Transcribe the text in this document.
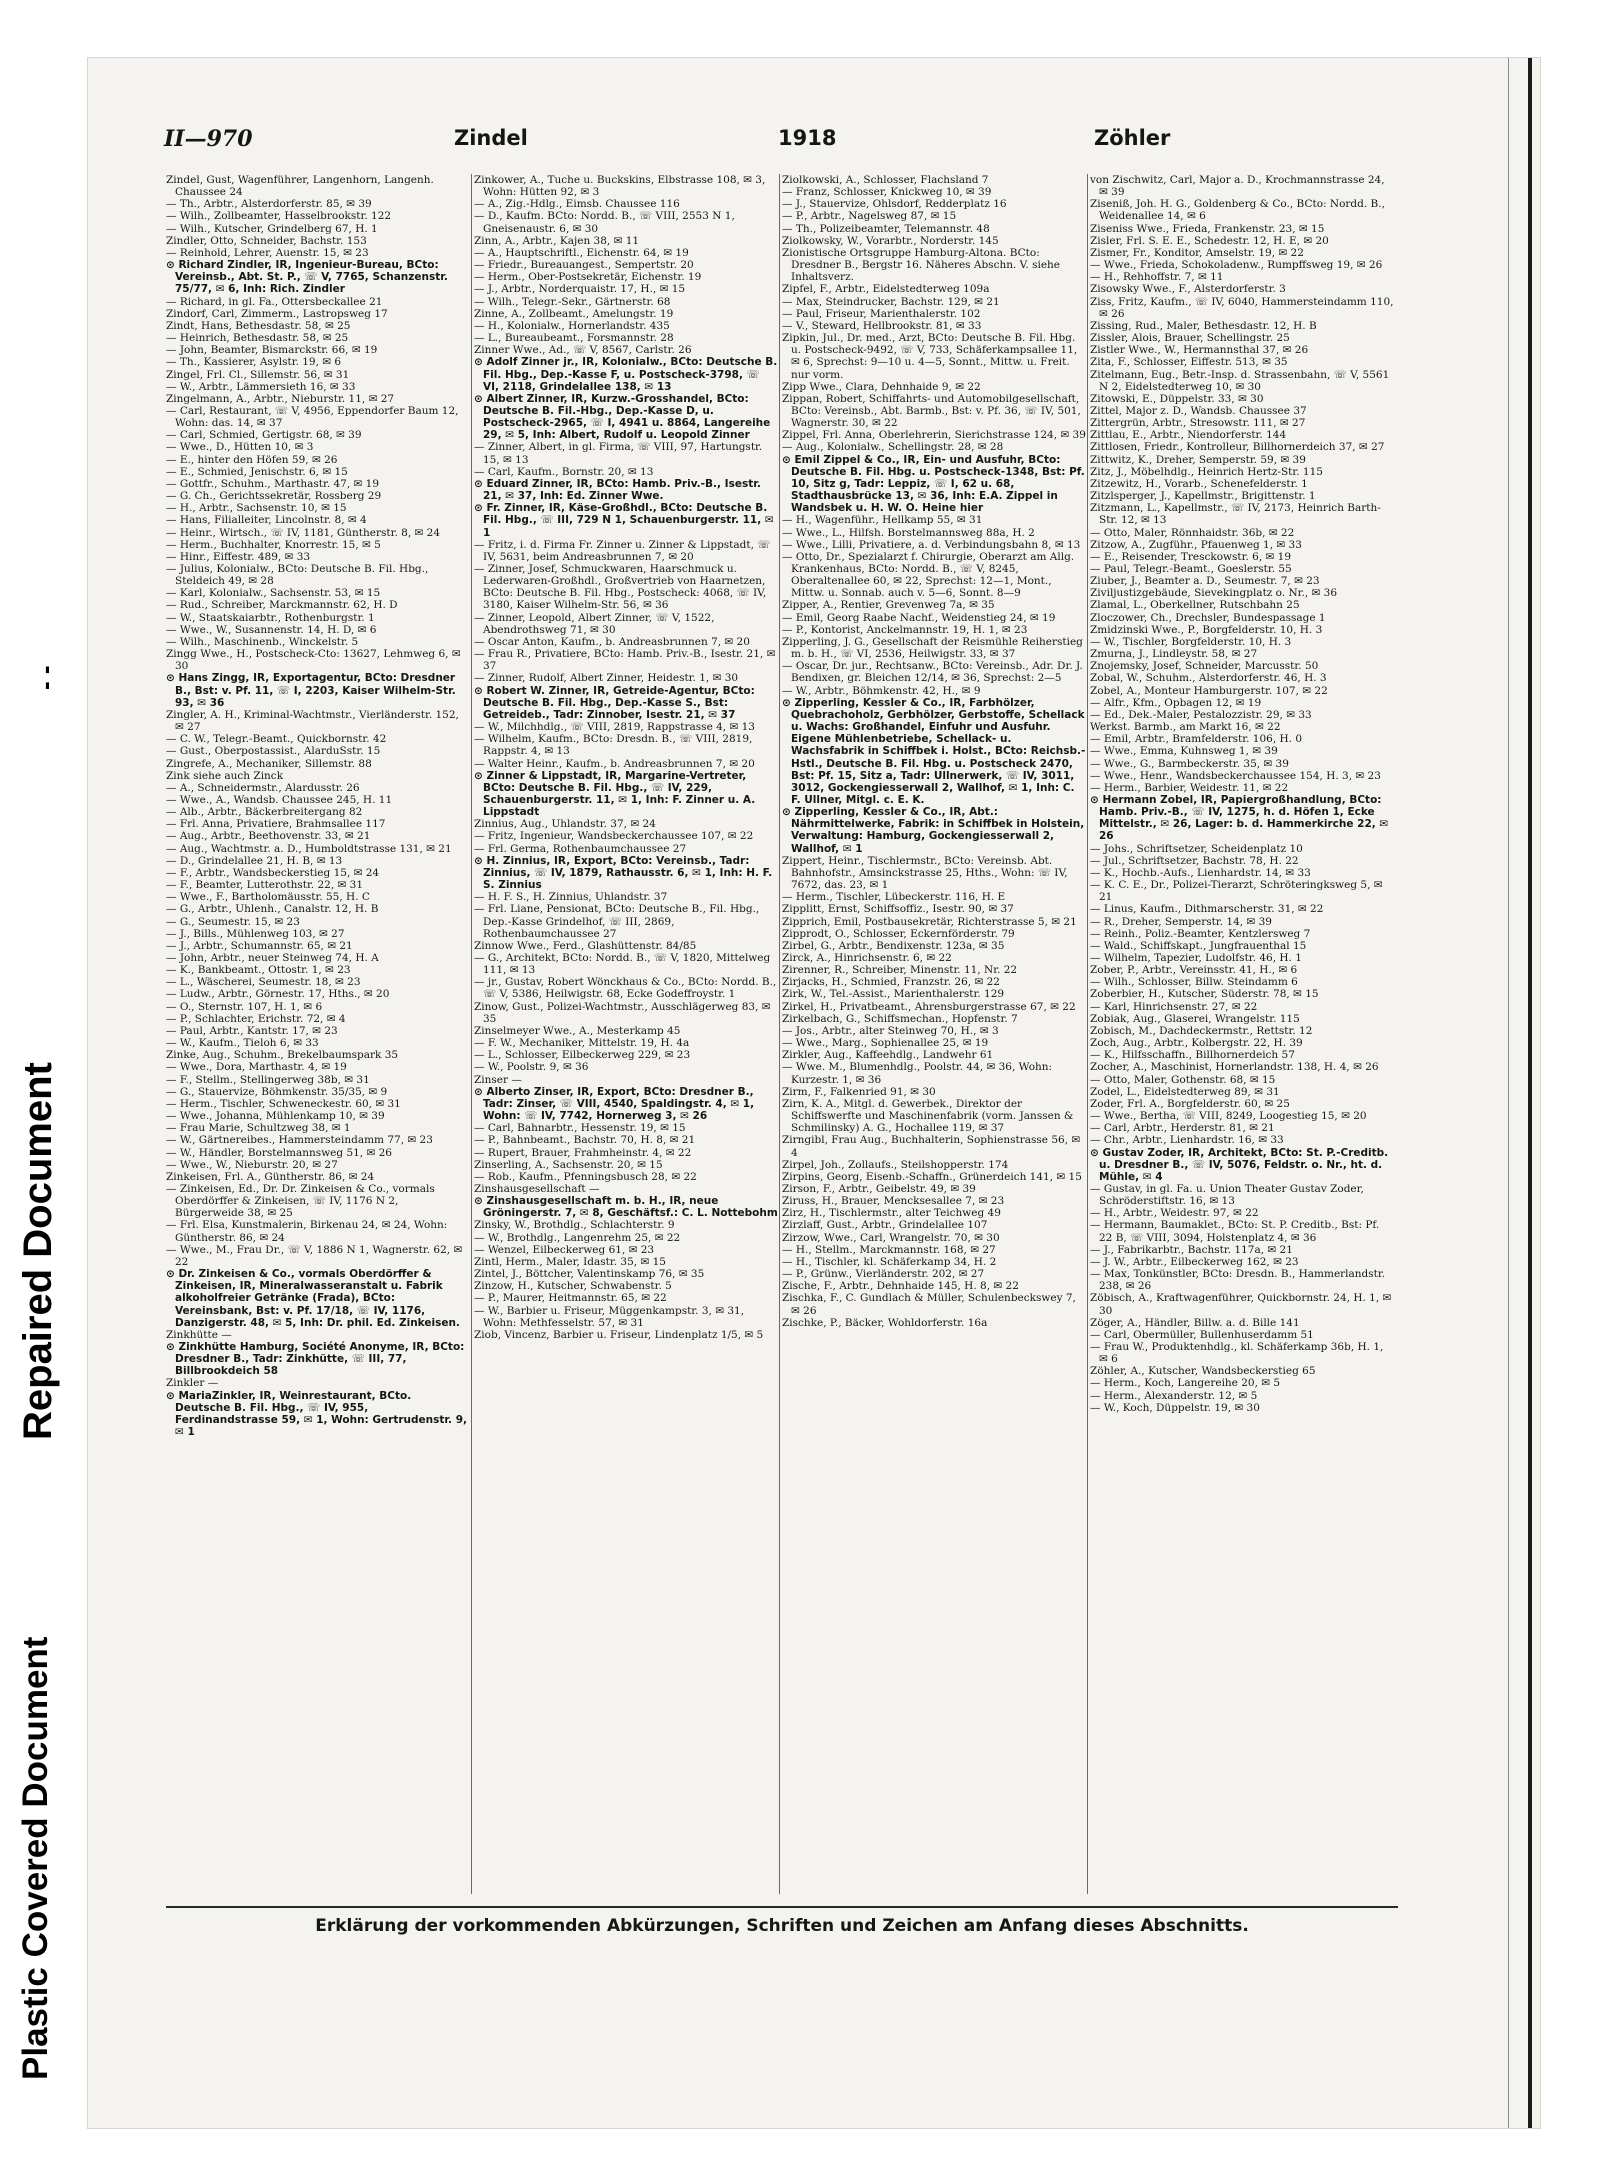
Plastic Covered Document
Repaired Document
- -
II—970	Zindel	1918	Zöhler
Zindel, Gust, Wagenführer, Langenhorn, Langenh. Chaussee 24
— Th., Arbtr., Alsterdorferstr. 85, ✉ 39
— Wilh., Zollbeamter, Hasselbrookstr. 122
— Wilh., Kutscher, Grindelberg 67, H. 1
Zindler, Otto, Schneider, Bachstr. 153
— Reinhold, Lehrer, Auenstr. 15, ✉ 23
⊙ Richard Zindler, IR, Ingenieur-Bureau, BCto: Vereinsb., Abt. St. P., ☏ V, 7765, Schanzenstr. 75/77, ✉ 6, Inh: Rich. Zindler
— Richard, in gl. Fa., Ottersbeckallee 21
Zindorf, Carl, Zimmerm., Lastropsweg 17
Zindt, Hans, Bethesdastr. 58, ✉ 25
— Heinrich, Bethesdastr. 58, ✉ 25
— John, Beamter, Bismarckstr. 66, ✉ 19
— Th., Kassierer, Asylstr. 19, ✉ 6
Zingel, Frl. Cl., Sillemstr. 56, ✉ 31
— W., Arbtr., Lämmersieth 16, ✉ 33
Zingelmann, A., Arbtr., Nieburstr. 11, ✉ 27
— Carl, Restaurant, ☏ V, 4956, Eppendorfer Baum 12, Wohn: das. 14, ✉ 37
— Carl, Schmied, Gertigstr. 68, ✉ 39
— Wwe., D., Hütten 10, ✉ 3
— E., hinter den Höfen 59, ✉ 26
— E., Schmied, Jenischstr. 6, ✉ 15
— Gottfr., Schuhm., Marthastr. 47, ✉ 19
— G. Ch., Gerichtssekretär, Rossberg 29
— H., Arbtr., Sachsenstr. 10, ✉ 15
— Hans, Filialleiter, Lincolnstr. 8, ✉ 4
— Heinr., Wirtsch., ☏ IV, 1181, Güntherstr. 8, ✉ 24
— Herm., Buchhalter, Knorrestr. 15, ✉ 5
— Hinr., Eiffestr. 489, ✉ 33
— Julius, Kolonialw., BCto: Deutsche B. Fil. Hbg., Steldeich 49, ✉ 28
— Karl, Kolonialw., Sachsenstr. 53, ✉ 15
— Rud., Schreiber, Marckmannstr. 62, H. D
— W., Staatskaiarbtr., Rothenburgstr. 1
— Wwe., W., Susannenstr. 14, H. D, ✉ 6
— Wilh., Maschinenb., Winckelstr. 5
Zingg Wwe., H., Postscheck-Cto: 13627, Lehmweg 6, ✉ 30
⊙ Hans Zingg, IR, Exportagentur, BCto: Dresdner B., Bst: v. Pf. 11, ☏ I, 2203, Kaiser Wilhelm-Str. 93, ✉ 36
Zingler, A. H., Kriminal-Wachtmstr., Vierländerstr. 152, ✉ 27
— C. W., Telegr.-Beamt., Quickbornstr. 42
— Gust., Oberpostassist., AlarduSstr. 15
Zingrefe, A., Mechaniker, Sillemstr. 88
Zink siehe auch Zinck
— A., Schneidermstr., Alardusstr. 26
— Wwe., A., Wandsb. Chaussee 245, H. 11
— Alb., Arbtr., Bäckerbreitergang 82
— Frl. Anna, Privatiere, Brahmsallee 117
— Aug., Arbtr., Beethovenstr. 33, ✉ 21
— Aug., Wachtmstr. a. D., Humboldtstrasse 131, ✉ 21
— D., Grindelallee 21, H. B, ✉ 13
— F., Arbtr., Wandsbeckerstieg 15, ✉ 24
— F., Beamter, Lutterothstr. 22, ✉ 31
— Wwe., F., Bartholomäusstr. 55, H. C
— G., Arbtr., Uhlenh., Canalstr. 12, H. B
— G., Seumestr. 15, ✉ 23
— J., Bills., Mühlenweg 103, ✉ 27
— J., Arbtr., Schumannstr. 65, ✉ 21
— John, Arbtr., neuer Steinweg 74, H. A
— K., Bankbeamt., Ottostr. 1, ✉ 23
— L., Wäscherei, Seumestr. 18, ✉ 23
— Ludw., Arbtr., Görnestr. 17, Hths., ✉ 20
— O., Sternstr. 107, H. 1, ✉ 6
— P., Schlachter, Erichstr. 72, ✉ 4
— Paul, Arbtr., Kantstr. 17, ✉ 23
— W., Kaufm., Tieloh 6, ✉ 33
Zinke, Aug., Schuhm., Brekelbaumspark 35
— Wwe., Dora, Marthastr. 4, ✉ 19
— F., Stellm., Stellingerweg 38b, ✉ 31
— G., Stauervize, Böhmkenstr. 35/35, ✉ 9
— Herm., Tischler, Schweneckestr. 60, ✉ 31
— Wwe., Johanna, Mühlenkamp 10, ✉ 39
— Frau Marie, Schultzweg 38, ✉ 1
— W., Gärtnereibes., Hammersteindamm 77, ✉ 23
— W., Händler, Borstelmannsweg 51, ✉ 26
— Wwe., W., Nieburstr. 20, ✉ 27
Zinkeisen, Frl. A., Güntherstr. 86, ✉ 24
— Zinkeisen, Ed., Dr. Dr. Zinkeisen & Co., vormals Oberdörffer & Zinkeisen, ☏ IV, 1176 N 2, Bürgerweide 38, ✉ 25
— Frl. Elsa, Kunstmalerin, Birkenau 24, ✉ 24, Wohn: Güntherstr. 86, ✉ 24
— Wwe., M., Frau Dr., ☏ V, 1886 N 1, Wagnerstr. 62, ✉ 22
⊙ Dr. Zinkeisen & Co., vormals Oberdörffer & Zinkeisen, IR, Mineralwasseranstalt u. Fabrik alkoholfreier Getränke (Frada), BCto: Vereinsbank, Bst: v. Pf. 17/18, ☏ IV, 1176, Danzigerstr. 48, ✉ 5, Inh: Dr. phil. Ed. Zinkeisen.
Zinkhütte —
⊙ Zinkhütte Hamburg, Société Anonyme, IR, BCto: Dresdner B., Tadr: Zinkhütte, ☏ III, 77, Billbrookdeich 58
Zinkler —
⊙ MariaZinkler, IR, Weinrestaurant, BCto. Deutsche B. Fil. Hbg., ☏ IV, 955, Ferdinandstrasse 59, ✉ 1, Wohn: Gertrudenstr. 9, ✉ 1
Zinkower, A., Tuche u. Buckskins, Elbstrasse 108, ✉ 3, Wohn: Hütten 92, ✉ 3
— A., Zig.-Hdlg., Eimsb. Chaussee 116
— D., Kaufm. BCto: Nordd. B., ☏ VIII, 2553 N 1, Gneisenaustr. 6, ✉ 30
Zinn, A., Arbtr., Kajen 38, ✉ 11
— A., Hauptschriftl., Eichenstr. 64, ✉ 19
— Friedr., Bureauangest., Sempertstr. 20
— Herm., Ober-Postsekretär, Eichenstr. 19
— J., Arbtr., Norderquaistr. 17, H., ✉ 15
— Wilh., Telegr.-Sekr., Gärtnerstr. 68
Zinne, A., Zollbeamt., Amelungstr. 19
— H., Kolonialw., Hornerlandstr. 435
— L., Bureaubeamt., Forsmannstr. 28
Zinner Wwe., Ad., ☏ V, 8567, Carlstr. 26
⊙ Adolf Zinner jr., IR, Kolonialw., BCto: Deutsche B. Fil. Hbg., Dep.-Kasse F, u. Postscheck-3798, ☏ VI, 2118, Grindelallee 138, ✉ 13
⊙ Albert Zinner, IR, Kurzw.-Grosshandel, BCto: Deutsche B. Fil.-Hbg., Dep.-Kasse D, u. Postscheck-2965, ☏ I, 4941 u. 8864, Langereihe 29, ✉ 5, Inh: Albert, Rudolf u. Leopold Zinner
— Zinner, Albert, in gl. Firma, ☏ VIII, 97, Hartungstr. 15, ✉ 13
— Carl, Kaufm., Bornstr. 20, ✉ 13
⊙ Eduard Zinner, IR, BCto: Hamb. Priv.-B., Isestr. 21, ✉ 37, Inh: Ed. Zinner Wwe.
⊙ Fr. Zinner, IR, Käse-Großhdl., BCto: Deutsche B. Fil. Hbg., ☏ III, 729 N 1, Schauenburgerstr. 11, ✉ 1
— Fritz, i. d. Firma Fr. Zinner u. Zinner & Lippstadt, ☏ IV, 5631, beim Andreasbrunnen 7, ✉ 20
— Zinner, Josef, Schmuckwaren, Haarschmuck u. Lederwaren-Großhdl., Großvertrieb von Haarnetzen, BCto: Deutsche B. Fil. Hbg., Postscheck: 4068, ☏ IV, 3180, Kaiser Wilhelm-Str. 56, ✉ 36
— Zinner, Leopold, Albert Zinner, ☏ V, 1522, Abendrothsweg 71, ✉ 30
— Oscar Anton, Kaufm., b. Andreasbrunnen 7, ✉ 20
— Frau R., Privatiere, BCto: Hamb. Priv.-B., Isestr. 21, ✉ 37
— Zinner, Rudolf, Albert Zinner, Heidestr. 1, ✉ 30
⊙ Robert W. Zinner, IR, Getreide-Agentur, BCto: Deutsche B. Fil. Hbg., Dep.-Kasse S., Bst: Getreideb., Tadr: Zinnober, Isestr. 21, ✉ 37
— W., Milchhdlg., ☏ VIII, 2819, Rappstrasse 4, ✉ 13
— Wilhelm, Kaufm., BCto: Dresdn. B., ☏ VIII, 2819, Rappstr. 4, ✉ 13
— Walter Heinr., Kaufm., b. Andreasbrunnen 7, ✉ 20
⊙ Zinner & Lippstadt, IR, Margarine-Vertreter, BCto: Deutsche B. Fil. Hbg., ☏ IV, 229, Schauenburgerstr. 11, ✉ 1, Inh: F. Zinner u. A. Lippstadt
Zinnius, Aug., Uhlandstr. 37, ✉ 24
— Fritz, Ingenieur, Wandsbeckerchaussee 107, ✉ 22
— Frl. Germa, Rothenbaumchaussee 27
⊙ H. Zinnius, IR, Export, BCto: Vereinsb., Tadr: Zinnius, ☏ IV, 1879, Rathausstr. 6, ✉ 1, Inh: H. F. S. Zinnius
— H. F. S., H. Zinnius, Uhlandstr. 37
— Frl. Liane, Pensionat, BCto: Deutsche B., Fil. Hbg., Dep.-Kasse Grindelhof, ☏ III, 2869, Rothenbaumchaussee 27
Zinnow Wwe., Ferd., Glashüttenstr. 84/85
— G., Architekt, BCto: Nordd. B., ☏ V, 1820, Mittelweg 111, ✉ 13
— jr., Gustav, Robert Wönckhaus & Co., BCto: Nordd. B., ☏ V, 5386, Heilwigstr. 68, Ecke Godeffroystr. 1
Zinow, Gust., Polizei-Wachtmstr., Ausschlägerweg 83, ✉ 35
Zinselmeyer Wwe., A., Mesterkamp 45
— F. W., Mechaniker, Mittelstr. 19, H. 4a
— L., Schlosser, Eilbeckerweg 229, ✉ 23
— W., Poolstr. 9, ✉ 36
Zinser —
⊙ Alberto Zinser, IR, Export, BCto: Dresdner B., Tadr: Zinser, ☏ VIII, 4540, Spaldingstr. 4, ✉ 1, Wohn: ☏ IV, 7742, Hornerweg 3, ✉ 26
— Carl, Bahnarbtr., Hessenstr. 19, ✉ 15
— P., Bahnbeamt., Bachstr. 70, H. 8, ✉ 21
— Rupert, Brauer, Frahmheinstr. 4, ✉ 22
Zinserling, A., Sachsenstr. 20, ✉ 15
— Rob., Kaufm., Pfenningsbusch 28, ✉ 22
Zinshausgesellschaft —
⊙ Zinshausgesellschaft m. b. H., IR, neue Gröningerstr. 7, ✉ 8, Geschäftsf.: C. L. Nottebohm
Zinsky, W., Brothdlg., Schlachterstr. 9
— W., Brothdlg., Langenrehm 25, ✉ 22
— Wenzel, Eilbeckerweg 61, ✉ 23
Zintl, Herm., Maler, Idastr. 35, ✉ 15
Zintel, J., Böttcher, Valentinskamp 76, ✉ 35
Zinzow, H., Kutscher, Schwabenstr. 5
— P., Maurer, Heitmannstr. 65, ✉ 22
— W., Barbier u. Friseur, Müggenkampstr. 3, ✉ 31, Wohn: Methfesselstr. 57, ✉ 31
Ziob, Vincenz, Barbier u. Friseur, Lindenplatz 1/5, ✉ 5
Ziolkowski, A., Schlosser, Flachsland 7
— Franz, Schlosser, Knickweg 10, ✉ 39
— J., Stauervize, Ohlsdorf, Redderplatz 16
— P., Arbtr., Nagelsweg 87, ✉ 15
— Th., Polizeibeamter, Telemannstr. 48
Ziolkowsky, W., Vorarbtr., Norderstr. 145
Zionistische Ortsgruppe Hamburg-Altona. BCto: Dresdner B., Bergstr 16. Näheres Abschn. V. siehe Inhaltsverz.
Zipfel, F., Arbtr., Eidelstedterweg 109a
— Max, Steindrucker, Bachstr. 129, ✉ 21
— Paul, Friseur, Marienthalerstr. 102
— V., Steward, Hellbrookstr. 81, ✉ 33
Zipkin, Jul., Dr. med., Arzt, BCto: Deutsche B. Fil. Hbg. u. Postscheck-9492, ☏ V, 733, Schäferkampsallee 11, ✉ 6, Sprechst: 9—10 u. 4—5, Sonnt., Mittw. u. Freit. nur vorm.
Zipp Wwe., Clara, Dehnhaide 9, ✉ 22
Zippan, Robert, Schiffahrts- und Automobilgesellschaft, BCto: Vereinsb., Abt. Barmb., Bst: v. Pf. 36, ☏ IV, 501, Wagnerstr. 30, ✉ 22
Zippel, Frl. Anna, Oberlehrerin, Sierichstrasse 124, ✉ 39
— Aug., Kolonialw., Schellingstr. 28, ✉ 28
⊙ Emil Zippel & Co., IR, Ein- und Ausfuhr, BCto: Deutsche B. Fil. Hbg. u. Postscheck-1348, Bst: Pf. 10, Sitz g, Tadr: Leppiz, ☏ I, 62 u. 68, Stadthausbrücke 13, ✉ 36, Inh: E.A. Zippel in Wandsbek u. H. W. O. Heine hier
— H., Wagenführ., Hellkamp 55, ✉ 31
— Wwe., L., Hilfsh. Borstelmannsweg 88a, H. 2
— Wwe., Lilli, Privatiere, a. d. Verbindungsbahn 8, ✉ 13
— Otto, Dr., Spezialarzt f. Chirurgie, Oberarzt am Allg. Krankenhaus, BCto: Nordd. B., ☏ V, 8245, Oberaltenallee 60, ✉ 22, Sprechst: 12—1, Mont., Mittw. u. Sonnab. auch v. 5—6, Sonnt. 8—9
Zipper, A., Rentier, Grevenweg 7a, ✉ 35
— Emil, Georg Raabe Nachf., Weidenstieg 24, ✉ 19
— P., Kontorist, Anckelmannstr. 19, H. 1, ✉ 23
Zipperling, J. G., Gesellschaft der Reismühle Reiherstieg m. b. H., ☏ VI, 2536, Heilwigstr. 33, ✉ 37
— Oscar, Dr. jur., Rechtsanw., BCto: Vereinsb., Adr. Dr. J. Bendixen, gr. Bleichen 12/14, ✉ 36, Sprechst: 2—5
— W., Arbtr., Böhmkenstr. 42, H., ✉ 9
⊙ Zipperling, Kessler & Co., IR, Farbhölzer, Quebrachoholz, Gerbhölzer, Gerbstoffe, Schellack u. Wachs: Großhandel, Einfuhr und Ausfuhr. Eigene Mühlenbetriebe, Schellack- u. Wachsfabrik in Schiffbek i. Holst., BCto: Reichsb.-Hstl., Deutsche B. Fil. Hbg. u. Postscheck 2470, Bst: Pf. 15, Sitz a, Tadr: Ullnerwerk, ☏ IV, 3011, 3012, Gockengiesserwall 2, Wallhof, ✉ 1, Inh: C. F. Ullner, Mitgl. c. E. K.
⊙ Zipperling, Kessler & Co., IR, Abt.: Nährmittelwerke, Fabrik: in Schiffbek in Holstein, Verwaltung: Hamburg, Gockengiesserwall 2, Wallhof, ✉ 1
Zippert, Heinr., Tischlermstr., BCto: Vereinsb. Abt. Bahnhofstr., Amsinckstrasse 25, Hths., Wohn: ☏ IV, 7672, das. 23, ✉ 1
— Herm., Tischler, Lübeckerstr. 116, H. E
Zipplitt, Ernst, Schiffsoffiz., Isestr. 90, ✉ 37
Zipprich, Emil, Postbausekretär, Richterstrasse 5, ✉ 21
Zipprodt, O., Schlosser, Eckernförderstr. 79
Zirbel, G., Arbtr., Bendixenstr. 123a, ✉ 35
Zirck, A., Hinrichsenstr. 6, ✉ 22
Zirenner, R., Schreiber, Minenstr. 11, Nr. 22
Zirjacks, H., Schmied, Franzstr. 26, ✉ 22
Zirk, W., Tel.-Assist., Marienthalerstr. 129
Zirkel, H., Privatbeamt., Ahrensburgerstrasse 67, ✉ 22
Zirkelbach, G., Schiffsmechan., Hopfenstr. 7
— Jos., Arbtr., alter Steinweg 70, H., ✉ 3
— Wwe., Marg., Sophienallee 25, ✉ 19
Zirkler, Aug., Kaffeehdlg., Landwehr 61
— Wwe. M., Blumenhdlg., Poolstr. 44, ✉ 36, Wohn: Kurzestr. 1, ✉ 36
Zirm, F., Falkenried 91, ✉ 30
Zirn, K. A., Mitgl. d. Gewerbek., Direktor der Schiffswerfte und Maschinenfabrik (vorm. Janssen & Schmilinsky) A. G., Hochallee 119, ✉ 37
Zirngibl, Frau Aug., Buchhalterin, Sophienstrasse 56, ✉ 4
Zirpel, Joh., Zollaufs., Steilshopperstr. 174
Zirpins, Georg, Eisenb.-Schaffn., Grünerdeich 141, ✉ 15
Zirson, F., Arbtr., Geibelstr. 49, ✉ 39
Ziruss, H., Brauer, Mencksesallee 7, ✉ 23
Zirz, H., Tischlermstr., alter Teichweg 49
Zirzlaff, Gust., Arbtr., Grindelallee 107
Zirzow, Wwe., Carl, Wrangelstr. 70, ✉ 30
— H., Stellm., Marckmannstr. 168, ✉ 27
— H., Tischler, kl. Schäferkamp 34, H. 2
— P., Grünw., Vierländerstr. 202, ✉ 27
Zische, F., Arbtr., Dehnhaide 145, H. 8, ✉ 22
Zischka, F., C. Gundlach & Müller, Schulenbeckswey 7, ✉ 26
Zischke, P., Bäcker, Wohldorferstr. 16a
von Zischwitz, Carl, Major a. D., Krochmannstrasse 24, ✉ 39
Ziseniß, Joh. H. G., Goldenberg & Co., BCto: Nordd. B., Weidenallee 14, ✉ 6
Ziseniss Wwe., Frieda, Frankenstr. 23, ✉ 15
Zisler, Frl. S. E. E., Schedestr. 12, H. E, ✉ 20
Zismer, Fr., Konditor, Amselstr. 19, ✉ 22
— Wwe., Frieda, Schokoladenw., Rumpffsweg 19, ✉ 26
— H., Rehhoffstr. 7, ✉ 11
Zisowsky Wwe., F., Alsterdorferstr. 3
Ziss, Fritz, Kaufm., ☏ IV, 6040, Hammersteindamm 110, ✉ 26
Zissing, Rud., Maler, Bethesdastr. 12, H. B
Zissler, Alois, Brauer, Schellingstr. 25
Zistler Wwe., W., Hermannsthal 37, ✉ 26
Zita, F., Schlosser, Eiffestr. 513, ✉ 35
Zitelmann, Eug., Betr.-Insp. d. Strassenbahn, ☏ V, 5561 N 2, Eidelstedterweg 10, ✉ 30
Zitowski, E., Düppelstr. 33, ✉ 30
Zittel, Major z. D., Wandsb. Chaussee 37
Zittergrün, Arbtr., Stresowstr. 111, ✉ 27
Zittlau, E., Arbtr., Niendorferstr. 144
Zittlosen, Friedr., Kontrolleur, Billhornerdeich 37, ✉ 27
Zittwitz, K., Dreher, Semperstr. 59, ✉ 39
Zitz, J., Möbelhdlg., Heinrich Hertz-Str. 115
Zitzewitz, H., Vorarb., Schenefelderstr. 1
Zitzlsperger, J., Kapellmstr., Brigittenstr. 1
Zitzmann, L., Kapellmstr., ☏ IV, 2173, Heinrich Barth-Str. 12, ✉ 13
— Otto, Maler, Rönnhaidstr. 36b, ✉ 22
Zitzow, A., Zugführ., Pfauenweg 1, ✉ 33
— E., Reisender, Tresckowstr. 6, ✉ 19
— Paul, Telegr.-Beamt., Goeslerstr. 55
Ziuber, J., Beamter a. D., Seumestr. 7, ✉ 23
Ziviljustizgebäude, Sievekingplatz o. Nr., ✉ 36
Zlamal, L., Oberkellner, Rutschbahn 25
Zloczower, Ch., Drechsler, Bundespassage 1
Zmidzinski Wwe., P., Borgfelderstr. 10, H. 3
— W., Tischler, Borgfelderstr. 10, H. 3
Zmurna, J., Lindleystr. 58, ✉ 27
Znojemsky, Josef, Schneider, Marcusstr. 50
Zobal, W., Schuhm., Alsterdorferstr. 46, H. 3
Zobel, A., Monteur Hamburgerstr. 107, ✉ 22
— Alfr., Kfm., Opbagen 12, ✉ 19
— Ed., Dek.-Maler, Pestalozzistr. 29, ✉ 33
Werkst. Barmb., am Markt 16, ✉ 22
— Emil, Arbtr., Bramfelderstr. 106, H. 0
— Wwe., Emma, Kuhnsweg 1, ✉ 39
— Wwe., G., Barmbeckerstr. 35, ✉ 39
— Wwe., Henr., Wandsbeckerchaussee 154, H. 3, ✉ 23
— Herm., Barbier, Weidestr. 11, ✉ 22
⊙ Hermann Zobel, IR, Papiergroßhandlung, BCto: Hamb. Priv.-B., ☏ IV, 1275, h. d. Höfen 1, Ecke Mittelstr., ✉ 26, Lager: b. d. Hammerkirche 22, ✉ 26
— Johs., Schriftsetzer, Scheidenplatz 10
— Jul., Schriftsetzer, Bachstr. 78, H. 22
— K., Hochb.-Aufs., Lienhardstr. 14, ✉ 33
— K. C. E., Dr., Polizei-Tierarzt, Schröteringksweg 5, ✉ 21
— Linus, Kaufm., Dithmarscherstr. 31, ✉ 22
— R., Dreher, Semperstr. 14, ✉ 39
— Reinh., Poliz.-Beamter, Kentzlersweg 7
— Wald., Schiffskapt., Jungfrauenthal 15
— Wilhelm, Tapezier, Ludolfstr. 46, H. 1
Zober, P., Arbtr., Vereinsstr. 41, H., ✉ 6
— Wilh., Schlosser, Billw. Steindamm 6
Zoberbier, H., Kutscher, Süderstr. 78, ✉ 15
— Karl, Hinrichsenstr. 27, ✉ 22
Zobiak, Aug., Glaserei, Wrangelstr. 115
Zobisch, M., Dachdeckermstr., Rettstr. 12
Zoch, Aug., Arbtr., Kolbergstr. 22, H. 39
— K., Hilfsschaffn., Billhornerdeich 57
Zocher, A., Maschinist, Hornerlandstr. 138, H. 4, ✉ 26
— Otto, Maler, Gothenstr. 68, ✉ 15
Zodel, L., Eidelstedterweg 89, ✉ 31
Zoder, Frl. A., Borgfelderstr. 60, ✉ 25
— Wwe., Bertha, ☏ VIII, 8249, Loogestieg 15, ✉ 20
— Carl, Arbtr., Herderstr. 81, ✉ 21
— Chr., Arbtr., Lienhardstr. 16, ✉ 33
⊙ Gustav Zoder, IR, Architekt, BCto: St. P.-Creditb. u. Dresdner B., ☏ IV, 5076, Feldstr. o. Nr., ht. d. Mühle, ✉ 4
— Gustav, in gl. Fa. u. Union Theater Gustav Zoder, Schröderstiftstr. 16, ✉ 13
— H., Arbtr., Weidestr. 97, ✉ 22
— Hermann, Baumaklet., BCto: St. P. Creditb., Bst: Pf. 22 B, ☏ VIII, 3094, Holstenplatz 4, ✉ 36
— J., Fabrikarbtr., Bachstr. 117a, ✉ 21
— J. W., Arbtr., Eilbeckerweg 162, ✉ 23
— Max, Tonkünstler, BCto: Dresdn. B., Hammerlandstr. 238, ✉ 26
Zöbisch, A., Kraftwagenführer, Quickbornstr. 24, H. 1, ✉ 30
Zöger, A., Händler, Billw. a. d. Bille 141
— Carl, Obermüller, Bullenhuserdamm 51
— Frau W., Produktenhdlg., kl. Schäferkamp 36b, H. 1, ✉ 6
Zöhler, A., Kutscher, Wandsbeckerstieg 65
— Herm., Koch, Langereihe 20, ✉ 5
— Herm., Alexanderstr. 12, ✉ 5
— W., Koch, Düppelstr. 19, ✉ 30
Erklärung der vorkommenden Abkürzungen, Schriften und Zeichen am Anfang dieses Abschnitts.
